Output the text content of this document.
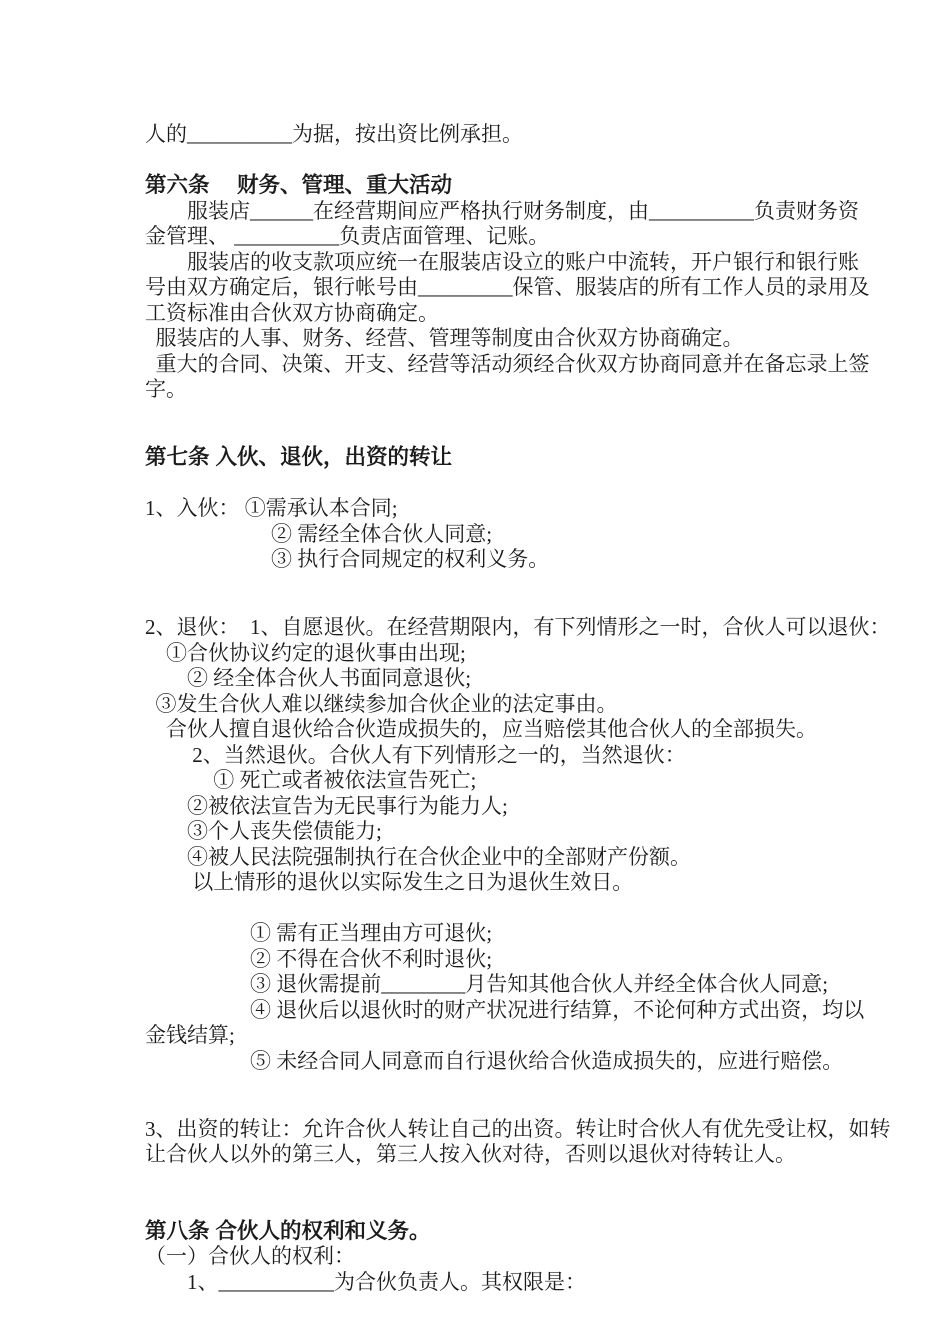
人的__________为据，按出资比例承担。

第六条　 财务、管理、重大活动

　　服装店______在经营期间应严格执行财务制度，由__________负责财务资

金管理、 __________负责店面管理、记账。

　　服装店的收支款项应统一在服装店设立的账户中流转，开户银行和银行账

号由双方确定后，银行帐号由_________保管、服装店的所有工作人员的录用及

工资标准由合伙双方协商确定。

服装店的人事、财务、经营、管理等制度由合伙双方协商确定。

重大的合同、决策、开支、经营等活动须经合伙双方协商同意并在备忘录上签

字。

第七条 入伙、退伙，出资的转让

1、入伙： ①需承认本合同;

　　　　　　② 需经全体合伙人同意;

　　　　　　③ 执行合同规定的权利义务。

2、退伙：  1、自愿退伙。在经营期限内，有下列情形之一时，合伙人可以退伙：

　①合伙协议约定的退伙事由出现;

　　② 经全体合伙人书面同意退伙;

③发生合伙人难以继续参加合伙企业的法定事由。

　合伙人擅自退伙给合伙造成损失的，应当赔偿其他合伙人的全部损失。

　　 2、当然退伙。合伙人有下列情形之一的，当然退伙：

　　　 ① 死亡或者被依法宣告死亡;

　　②被依法宣告为无民事行为能力人;

　　③个人丧失偿债能力;

　　④被人民法院强制执行在合伙企业中的全部财产份额。

　　 以上情形的退伙以实际发生之日为退伙生效日。

　　　　　① 需有正当理由方可退伙;

　　　　　② 不得在合伙不利时退伙;

　　　　　③ 退伙需提前________月告知其他合伙人并经全体合伙人同意;

　　　　　④ 退伙后以退伙时的财产状况进行结算，不论何种方式出资，均以

金钱结算;

　　　　　⑤ 未经合同人同意而自行退伙给合伙造成损失的，应进行赔偿。

3、出资的转让：允许合伙人转让自己的出资。转让时合伙人有优先受让权，如转

让合伙人以外的第三人，第三人按入伙对待，否则以退伙对待转让人。

第八条 合伙人的权利和义务。

（一）合伙人的权利：

　　1、___________为合伙负责人。其权限是：
